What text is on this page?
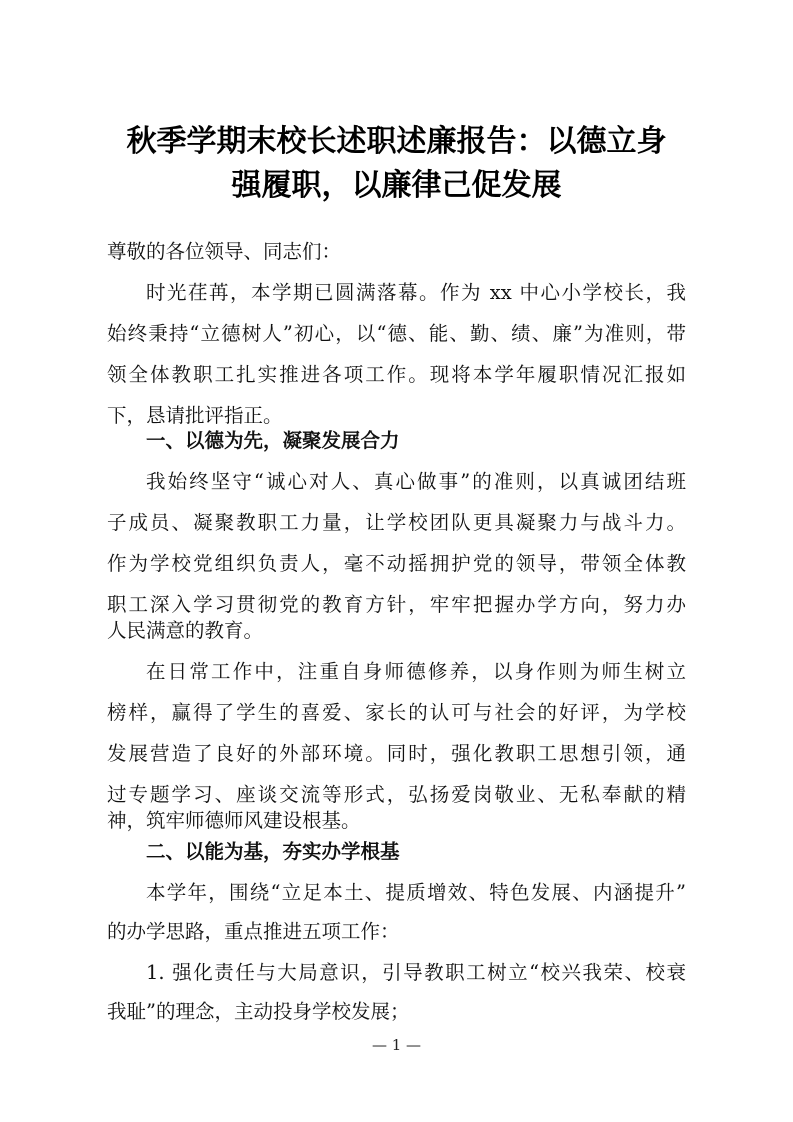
秋季学期末校长述职述廉报告：以德立身
强履职，以廉律己促发展
尊敬的各位领导、同志们：
时光荏苒，本学期已圆满落幕。作为 xx 中心小学校长，我
始终秉持“立德树人”初心，以“德、能、勤、绩、廉”为准则，带
领全体教职工扎实推进各项工作。现将本学年履职情况汇报如
下，恳请批评指正。
一、以德为先，凝聚发展合力
我始终坚守“诚心对人、真心做事”的准则，以真诚团结班
子成员、凝聚教职工力量，让学校团队更具凝聚力与战斗力。
作为学校党组织负责人，毫不动摇拥护党的领导，带领全体教
职工深入学习贯彻党的教育方针，牢牢把握办学方向，努力办
人民满意的教育。
在日常工作中，注重自身师德修养，以身作则为师生树立
榜样，赢得了学生的喜爱、家长的认可与社会的好评，为学校
发展营造了良好的外部环境。同时，强化教职工思想引领，通
过专题学习、座谈交流等形式，弘扬爱岗敬业、无私奉献的精
神，筑牢师德师风建设根基。
二、以能为基，夯实办学根基
本学年，围绕“立足本土、提质增效、特色发展、内涵提升”
的办学思路，重点推进五项工作：
1. 强化责任与大局意识，引导教职工树立“校兴我荣、校衰
我耻”的理念，主动投身学校发展；
— 1 —
